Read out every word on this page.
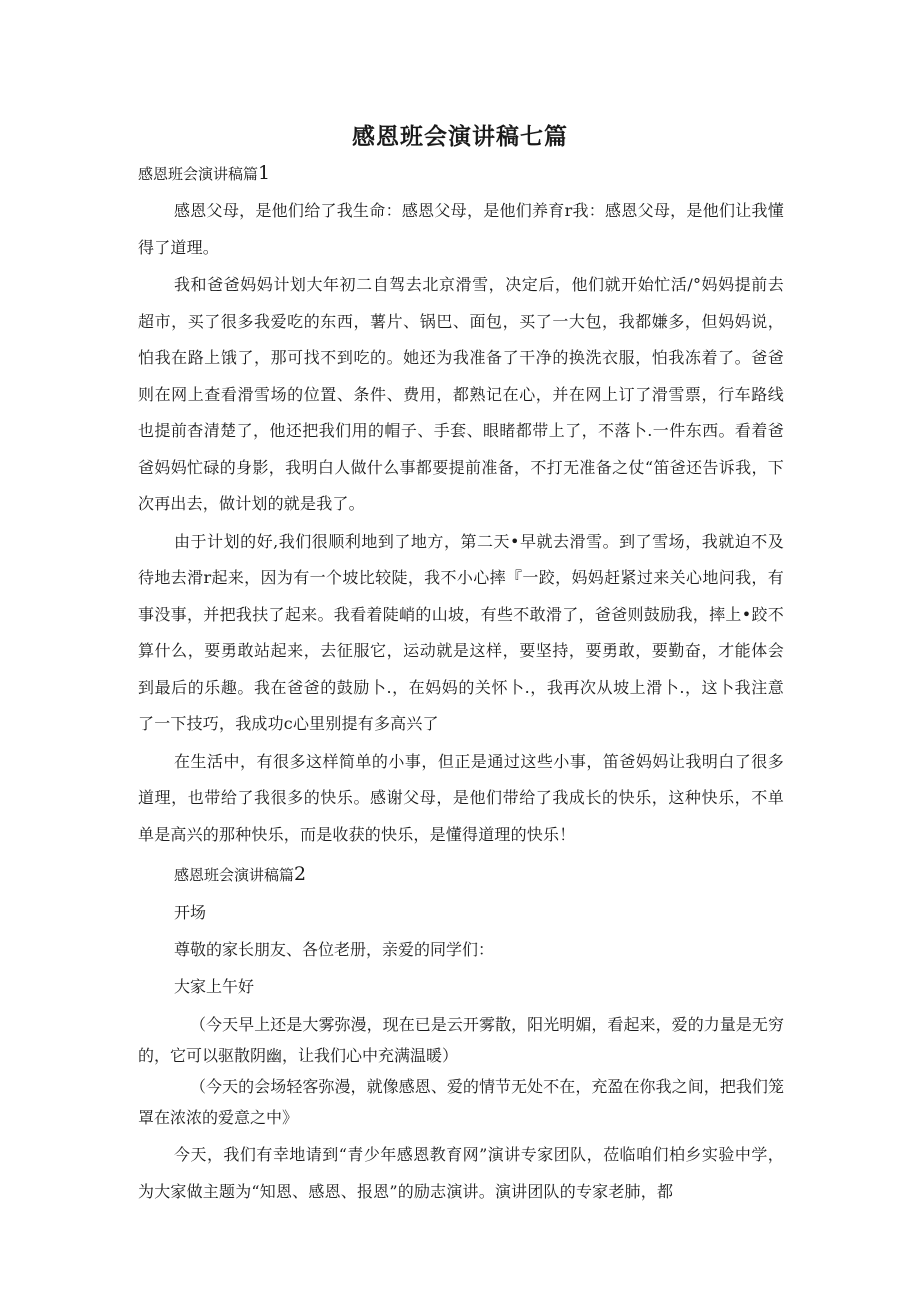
感恩班会演讲稿七篇
感恩班会演讲稿篇1

感恩父母，是他们给了我生命：感恩父母，是他们养育r我：感恩父母，是他们让我懂得了道理。

我和爸爸妈妈计划大年初二自驾去北京滑雪，决定后，他们就开始忙活/°妈妈提前去超市，买了很多我爱吃的东西，薯片、锅巴、面包，买了一大包，我都嫌多，但妈妈说，怕我在路上饿了，那可找不到吃的。她还为我准备了干净的换洗衣服，怕我冻着了。爸爸则在网上查看滑雪场的位置、条件、费用，都熟记在心，并在网上订了滑雪票，行车路线也提前杳清楚了，他还把我们用的帽子、手套、眼睹都带上了，不落卜.一件东西。看着爸爸妈妈忙碌的身影，我明白人做什么事都要提前准备，不打无准备之仗“笛爸还告诉我，下次再出去，做计划的就是我了。

由于计划的好,我们很顺利地到了地方，第二天•早就去滑雪。到了雪场，我就迫不及待地去滑r起来，因为有一个坡比较陡，我不小心摔『一跤，妈妈赶紧过来关心地问我，有事没事，并把我扶了起来。我看着陡峭的山坡，有些不敢滑了，爸爸则鼓励我，摔上•跤不算什么，要勇敢站起来，去征服它，运动就是这样，要坚持，要勇敢，要勤奋，才能体会到最后的乐趣。我在爸爸的鼓励卜.，在妈妈的关怀卜.，我再次从坡上滑卜.，这卜我注意了一下技巧，我成功c心里别提有多高兴了

在生活中，有很多这样简单的小事，但正是通过这些小事，笛爸妈妈让我明白了很多道理，也带给了我很多的快乐。感谢父母，是他们带给了我成长的快乐，这种快乐，不单单是高兴的那种快乐，而是收获的快乐，是懂得道理的快乐！

感恩班会演讲稿篇2
开场
尊敬的家长朋友、各位老册，亲爱的同学们：
大家上午好

（今天早上还是大雾弥漫，现在已是云开雾散，阳光明媚，看起来，爱的力量是无穷的，它可以驱散阴幽，让我们心中充满温暖）

（今天的会场轻客弥漫，就像感恩、爱的情节无处不在，充盈在你我之间，把我们笼罩在浓浓的爱意之中》

今天，我们有幸地请到“青少年感恩教育网”演讲专家团队，莅临咱们柏乡实验中学，为大家做主题为“知恩、感恩、报恩”的励志演讲。演讲团队的专家老肺，都
